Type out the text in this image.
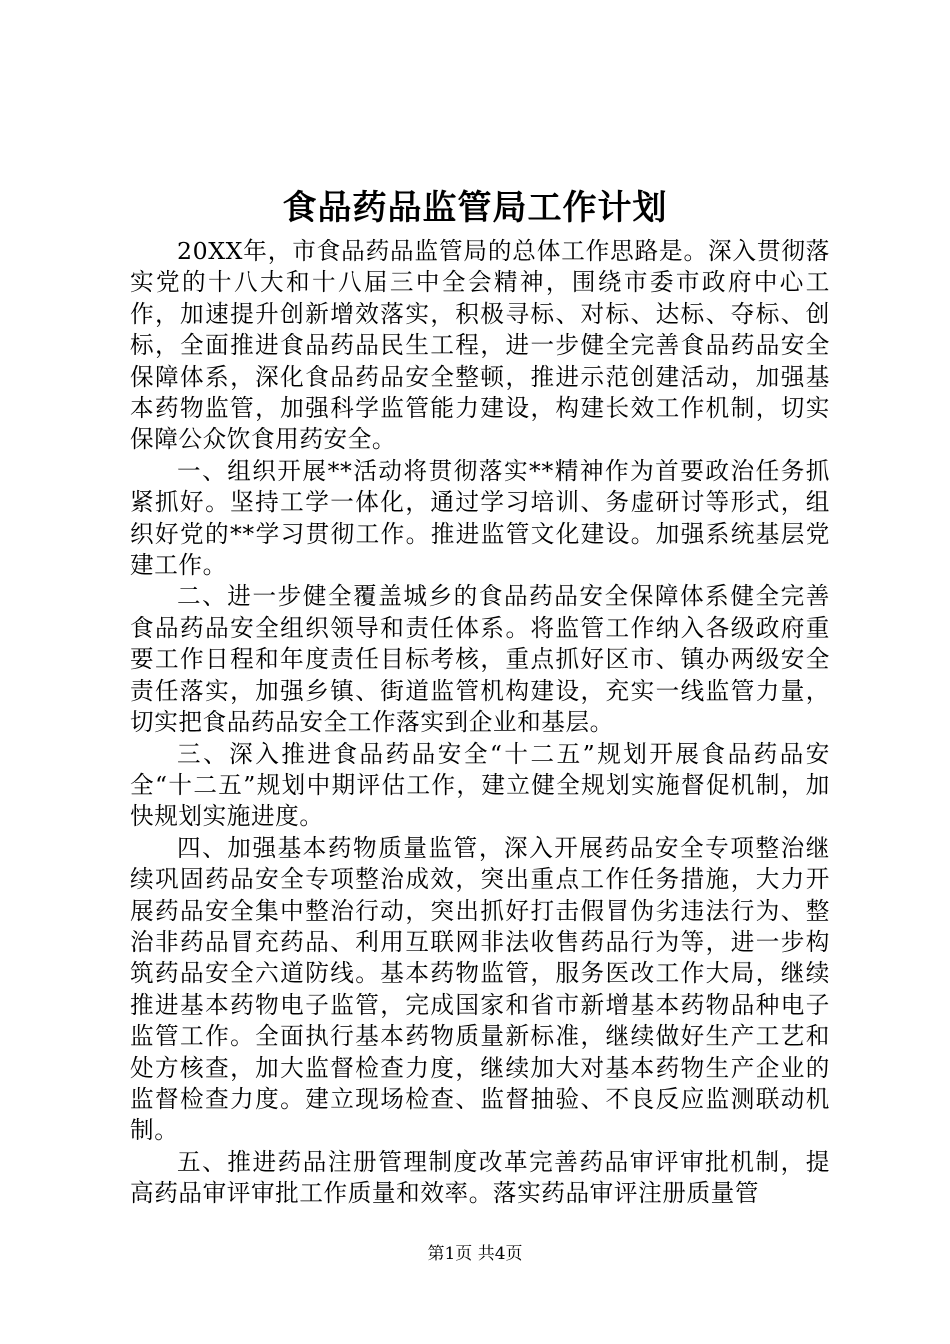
食品药品监管局工作计划

20XX年，市食品药品监管局的总体工作思路是。深入贯彻落实党的十八大和十八届三中全会精神，围绕市委市政府中心工作，加速提升创新增效落实，积极寻标、对标、达标、夺标、创标，全面推进食品药品民生工程，进一步健全完善食品药品安全保障体系，深化食品药品安全整顿，推进示范创建活动，加强基本药物监管，加强科学监管能力建设，构建长效工作机制，切实保障公众饮食用药安全。

一、组织开展**活动将贯彻落实**精神作为首要政治任务抓紧抓好。坚持工学一体化，通过学习培训、务虚研讨等形式，组织好党的**学习贯彻工作。推进监管文化建设。加强系统基层党建工作。

二、进一步健全覆盖城乡的食品药品安全保障体系健全完善食品药品安全组织领导和责任体系。将监管工作纳入各级政府重要工作日程和年度责任目标考核，重点抓好区市、镇办两级安全责任落实，加强乡镇、街道监管机构建设，充实一线监管力量，切实把食品药品安全工作落实到企业和基层。

三、深入推进食品药品安全“十二五”规划开展食品药品安全“十二五”规划中期评估工作，建立健全规划实施督促机制，加快规划实施进度。

四、加强基本药物质量监管，深入开展药品安全专项整治继续巩固药品安全专项整治成效，突出重点工作任务措施，大力开展药品安全集中整治行动，突出抓好打击假冒伪劣违法行为、整治非药品冒充药品、利用互联网非法收售药品行为等，进一步构筑药品安全六道防线。基本药物监管，服务医改工作大局，继续推进基本药物电子监管，完成国家和省市新增基本药物品种电子监管工作。全面执行基本药物质量新标准，继续做好生产工艺和处方核查，加大监督检查力度，继续加大对基本药物生产企业的监督检查力度。建立现场检查、监督抽验、不良反应监测联动机制。

五、推进药品注册管理制度改革完善药品审评审批机制，提高药品审评审批工作质量和效率。落实药品审评注册质量管

第1页 共4页
